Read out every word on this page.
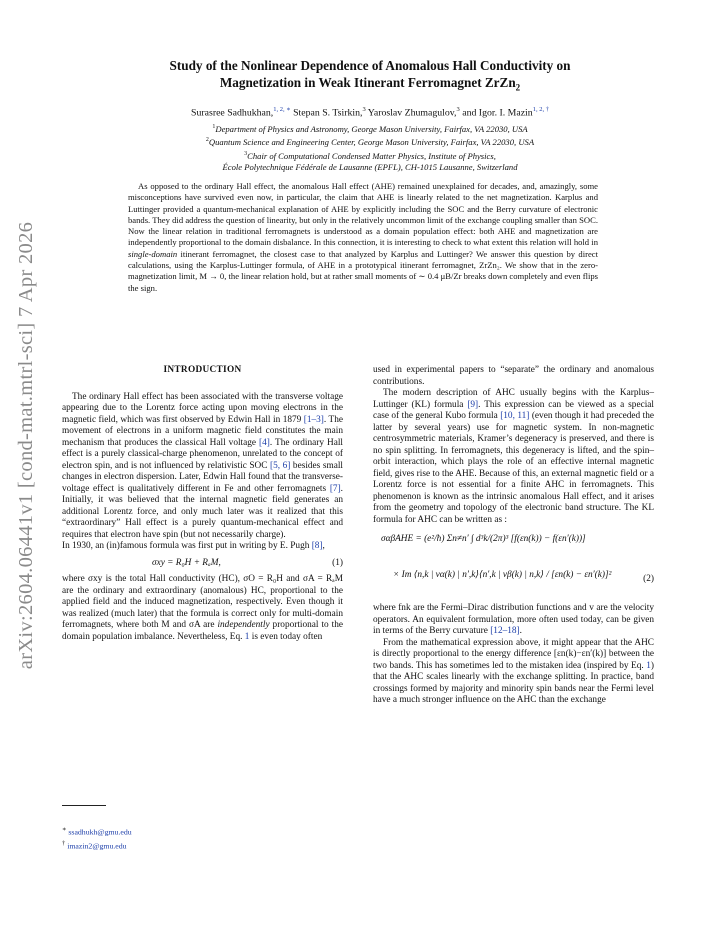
arXiv:2604.06441v1 [cond-mat.mtrl-sci] 7 Apr 2026
Study of the Nonlinear Dependence of Anomalous Hall Conductivity on
Magnetization in Weak Itinerant Ferromagnet ZrZn$_2$
Surasree Sadhukhan,$^{1, 2, ∗}$ Stepan S. Tsirkin,$^3$ Yaroslav Zhumagulov,$^3$ and Igor. I. Mazin$^{1, 2, \dagger}$
$^1$Department of Physics and Astronomy, George Mason University, Fairfax, VA 22030, USA
$^2$Quantum Science and Engineering Center, George Mason University, Fairfax, VA 22030, USA
$^3$Chair of Computational Condensed Matter Physics, Institute of Physics,
École Polytechnique Fédérale de Lausanne (EPFL), CH-1015 Lausanne, Switzerland

As opposed to the ordinary Hall effect, the anomalous Hall effect (AHE) remained unexplained for decades, and, amazingly, some misconceptions have survived even now, in particular, the claim that AHE is linearly related to the net magnetization. Karplus and Luttinger provided a quantum-mechanical explanation of AHE by explicitly including the SOC and the Berry curvature of electronic bands. They did address the question of linearity, but only in the relatively uncommon limit of the exchange coupling smaller than SOC. Now the linear relation in traditional ferromagnets is understood as a domain population effect: both AHE and magnetization are independently proportional to the domain disbalance. In this connection, it is interesting to check to what extent this relation will hold in single-domain itinerant ferromagnet, the closest case to that analyzed by Karplus and Luttinger? We answer this question by direct calculations, using the Karplus-Luttinger formula, of AHE in a prototypical itinerant ferromagnet, ZrZn₂. We show that in the zero-magnetization limit, M → 0, the linear relation hold, but at rather small moments of ∼ 0.4 μB/Zr breaks down completely and even flips the sign.

INTRODUCTION

The ordinary Hall effect has been associated with the transverse voltage appearing due to the Lorentz force acting upon moving electrons in the magnetic field, which was first observed by Edwin Hall in 1879 [1–3]. The movement of electrons in a uniform magnetic field constitutes the main mechanism that produces the classical Hall voltage [4]. The ordinary Hall effect is a purely classical-charge phenomenon, unrelated to the concept of electron spin, and is not influenced by relativistic SOC [5, 6] besides small changes in electron dispersion. Later, Edwin Hall found that the transverse-voltage effect is qualitatively different in Fe and other ferromagnets [7]. Initially, it was believed that the internal magnetic field generates an additional Lorentz force, and only much later was it realized that this “extraordinary” Hall effect is a purely quantum-mechanical effect and requires that electron have spin (but not necessarily charge).

In 1930, an (in)famous formula was first put in writing by E. Pugh [8],

σxy = R₀H + RₐM,	(1)

where σxy is the total Hall conductivity (HC), σO = R₀H and σA = RₐM are the ordinary and extraordinary (anomalous) HC, proportional to the applied field and the induced magnetization, respectively. Even though it was realized (much later) that the formula is correct only for multi-domain ferromagnets, where both M and σA are independently proportional to the domain population imbalance. Nevertheless, Eq. 1 is even today often

used in experimental papers to “separate” the ordinary and anomalous contributions.

The modern description of AHC usually begins with the Karplus–Luttinger (KL) formula [9]. This expression can be viewed as a special case of the general Kubo formula [10, 11] (even though it had preceded the latter by several years) use for magnetic system. In non-magnetic centrosymmetric materials, Kramer’s degeneracy is preserved, and there is no spin splitting. In ferromagnets, this degeneracy is lifted, and the spin–orbit interaction, which plays the role of an effective internal magnetic field, gives rise to the AHE. Because of this, an external magnetic field or a Lorentz force is not essential for a finite AHC in ferromagnets. This phenomenon is known as the intrinsic anomalous Hall effect, and it arises from the geometry and topology of the electronic band structure. The KL formula for AHC can be written as :

σαβAHE = (e²/ħ) Σn≠n′ ∫ d³k/(2π)³ [f(εn(k)) − f(εn′(k))]
× Im ⟨n,k | vα(k) | n′,k⟩⟨n′,k | vβ(k) | n,k⟩ / [εn(k) − εn′(k)]²	(2)

where fnk are the Fermi–Dirac distribution functions and v are the velocity operators. An equivalent formulation, more often used today, can be given in terms of the Berry curvature [12–18].

From the mathematical expression above, it might appear that the AHC is directly proportional to the energy difference [εn(k)−εn′(k)] between the two bands. This has sometimes led to the mistaken idea (inspired by Eq. 1) that the AHC scales linearly with the exchange splitting. In practice, band crossings formed by majority and minority spin bands near the Fermi level have a much stronger influence on the AHC than the exchange

∗ ssadhukh@gmu.edu
† imazin2@gmu.edu
